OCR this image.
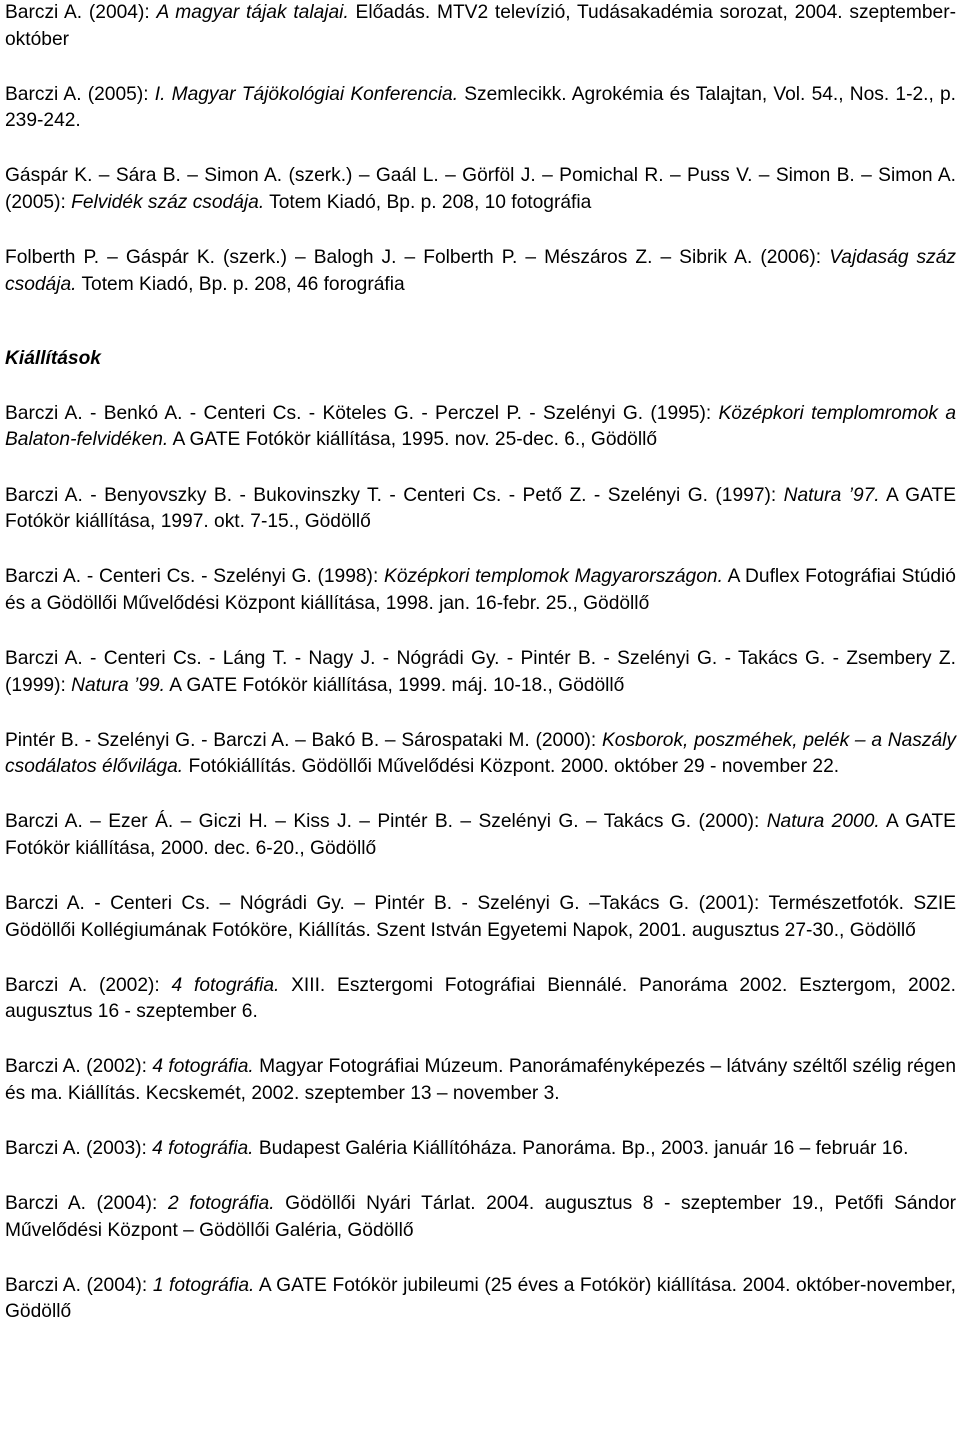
Barczi A. (2004): A magyar tájak talajai. Előadás. MTV2 televízió, Tudásakadémia sorozat, 2004. szeptember-október
Barczi A. (2005): I. Magyar Tájökológiai Konferencia. Szemlecikk. Agrokémia és Talajtan, Vol. 54., Nos. 1-2., p. 239-242.
Gáspár K. – Sára B. – Simon A. (szerk.) – Gaál L. – Görföl J. – Pomichal R. – Puss V. – Simon B. – Simon A. (2005): Felvidék száz csodája. Totem Kiadó, Bp. p. 208, 10 fotográfia
Folberth P. – Gáspár K. (szerk.) – Balogh J. – Folberth P. – Mészáros Z. – Sibrik A. (2006): Vajdaság száz csodája. Totem Kiadó, Bp. p. 208, 46 forográfia
Kiállítások
Barczi A. - Benkó A. - Centeri Cs. - Köteles G. - Perczel P. - Szelényi G. (1995): Középkori templomromok a Balaton-felvidéken. A GATE Fotókör kiállítása, 1995. nov. 25-dec. 6., Gödöllő
Barczi A. - Benyovszky B. - Bukovinszky T. - Centeri Cs. - Pető Z. - Szelényi G. (1997): Natura ’97. A GATE Fotókör kiállítása, 1997. okt. 7-15., Gödöllő
Barczi A. - Centeri Cs. - Szelényi G. (1998): Középkori templomok Magyarországon. A Duflex Fotográfiai Stúdió és a Gödöllői Művelődési Központ kiállítása, 1998. jan. 16-febr. 25., Gödöllő
Barczi A. - Centeri Cs. - Láng T. - Nagy J. - Nógrádi Gy. - Pintér B. - Szelényi G. - Takács G. - Zsembery Z. (1999): Natura ’99. A GATE Fotókör kiállítása, 1999. máj. 10-18., Gödöllő
Pintér B. - Szelényi G. - Barczi A. – Bakó B. – Sárospataki M. (2000): Kosborok, poszméhek, pelék – a Naszály csodálatos élővilága. Fotókiállítás. Gödöllői Művelődési Központ. 2000. október 29 - november 22.
Barczi A. – Ezer Á. – Giczi H. – Kiss J. – Pintér B. – Szelényi G. – Takács G. (2000): Natura 2000. A GATE Fotókör kiállítása, 2000. dec. 6-20., Gödöllő
Barczi A. - Centeri Cs. – Nógrádi Gy. – Pintér B. - Szelényi G. –Takács G. (2001): Természetfotók. SZIE Gödöllői Kollégiumának Fotóköre, Kiállítás. Szent István Egyetemi Napok, 2001. augusztus 27-30., Gödöllő
Barczi A. (2002): 4 fotográfia. XIII. Esztergomi Fotográfiai Biennálé. Panoráma 2002. Esztergom, 2002. augusztus 16 - szeptember 6.
Barczi A. (2002): 4 fotográfia. Magyar Fotográfiai Múzeum. Panorámafényképezés – látvány széltől szélig régen és ma. Kiállítás. Kecskemét, 2002. szeptember 13 – november 3.
Barczi A. (2003): 4 fotográfia. Budapest Galéria Kiállítóháza. Panoráma. Bp., 2003. január 16 – február 16.
Barczi A. (2004): 2 fotográfia. Gödöllői Nyári Tárlat. 2004. augusztus 8 - szeptember 19., Petőfi Sándor Művelődési Központ – Gödöllői Galéria, Gödöllő
Barczi A. (2004): 1 fotográfia. A GATE Fotókör jubileumi (25 éves a Fotókör) kiállítása. 2004. október-november, Gödöllő
